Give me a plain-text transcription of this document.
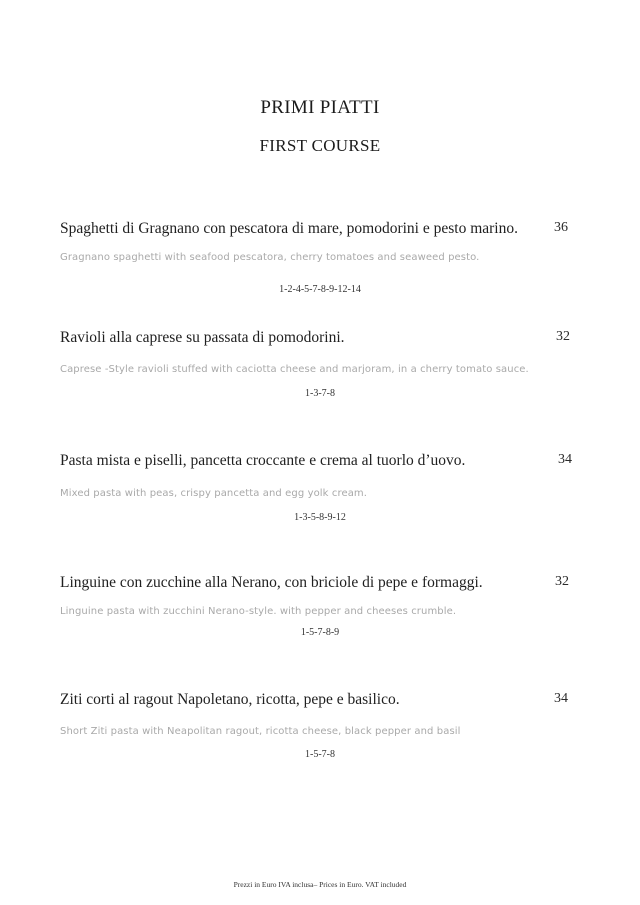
PRIMI PIATTI
FIRST COURSE
Spaghetti di Gragnano con pescatora di mare, pomodorini e pesto marino.	36
Gragnano spaghetti with seafood pescatora, cherry tomatoes and seaweed pesto.
1-2-4-5-7-8-9-12-14
Ravioli alla caprese su passata di pomodorini.	32
Caprese -Style ravioli stuffed with caciotta cheese and marjoram, in a cherry tomato sauce.
1-3-7-8
Pasta mista e piselli, pancetta croccante e crema al tuorlo d’uovo.	34
Mixed pasta with peas, crispy pancetta and egg yolk cream.
1-3-5-8-9-12
Linguine con zucchine alla Nerano, con briciole di pepe e formaggi.	32
Linguine pasta with zucchini Nerano-style. with pepper and cheeses crumble.
1-5-7-8-9
Ziti corti al ragout Napoletano, ricotta, pepe e basilico.	34
Short Ziti pasta with Neapolitan ragout, ricotta cheese, black pepper and basil
1-5-7-8
Prezzi in Euro IVA inclusa– Prices in Euro. VAT included
